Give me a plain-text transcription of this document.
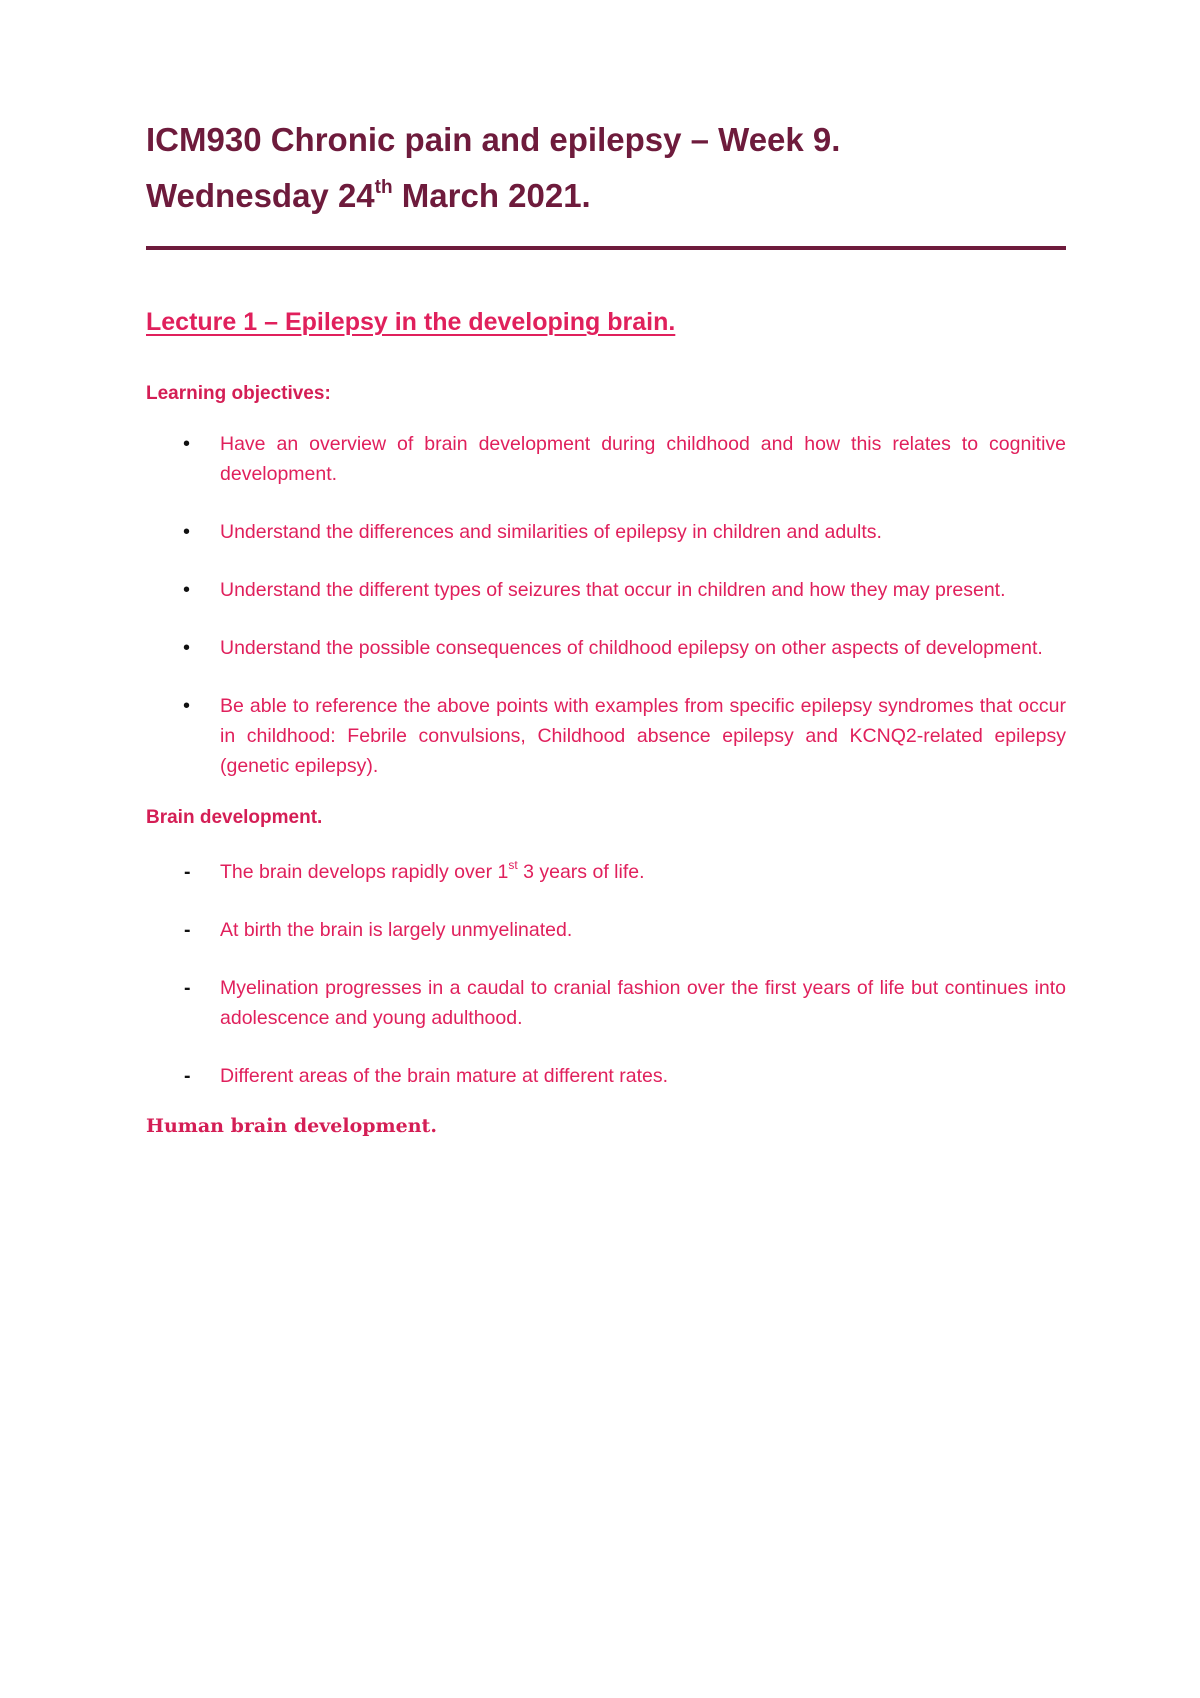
ICM930 Chronic pain and epilepsy – Week 9.
Wednesday 24th March 2021.
Lecture 1 – Epilepsy in the developing brain.
Learning objectives:
• Have an overview of brain development during childhood and how this relates to cognitive development.
• Understand the differences and similarities of epilepsy in children and adults.
• Understand the different types of seizures that occur in children and how they may present.
• Understand the possible consequences of childhood epilepsy on other aspects of development.
• Be able to reference the above points with examples from specific epilepsy syndromes that occur in childhood: Febrile convulsions, Childhood absence epilepsy and KCNQ2-related epilepsy (genetic epilepsy).
Brain development.
- The brain develops rapidly over 1st 3 years of life.
- At birth the brain is largely unmyelinated.
- Myelination progresses in a caudal to cranial fashion over the first years of life but continues into adolescence and young adulthood.
- Different areas of the brain mature at different rates.
Human brain development.
